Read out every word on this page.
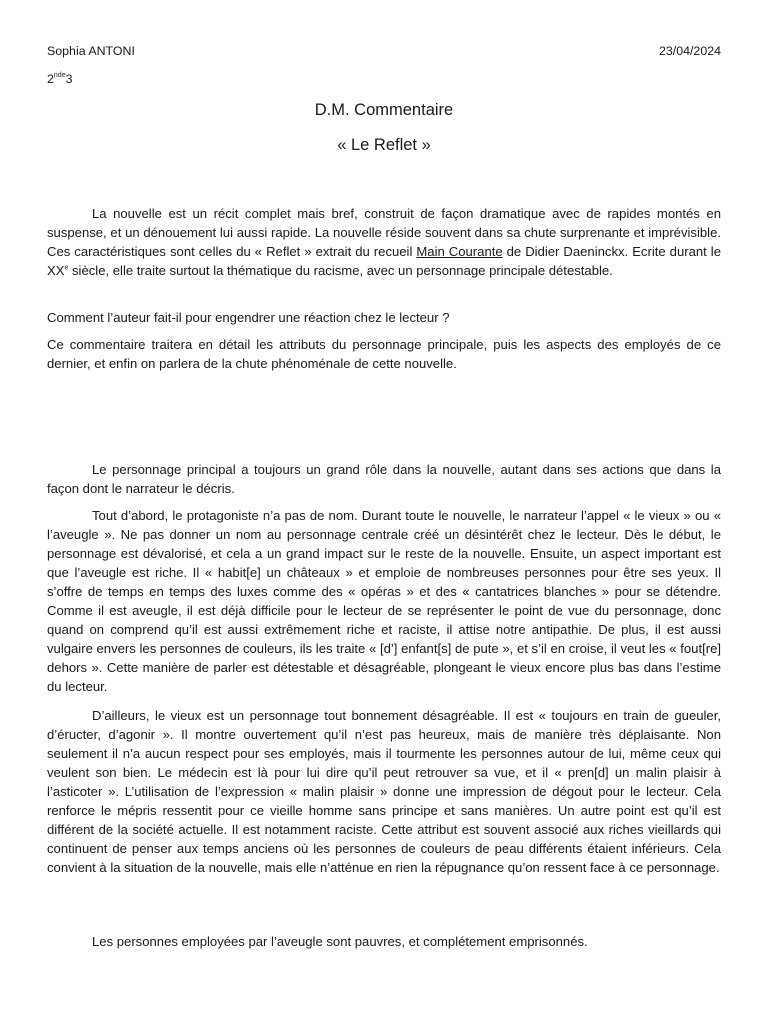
Sophia ANTONI	23/04/2024
2nde3
D.M. Commentaire
« Le Reflet »

La nouvelle est un récit complet mais bref, construit de façon dramatique avec de rapides montés en suspense, et un dénouement lui aussi rapide. La nouvelle réside souvent dans sa chute surprenante et imprévisible. Ces caractéristiques sont celles du « Reflet » extrait du recueil Main Courante de Didier Daeninckx. Ecrite durant le XXe siècle, elle traite surtout la thématique du racisme, avec un personnage principale détestable.

Comment l’auteur fait-il pour engendrer une réaction chez le lecteur ?

Ce commentaire traitera en détail les attributs du personnage principale, puis les aspects des employés de ce dernier, et enfin on parlera de la chute phénoménale de cette nouvelle.

Le personnage principal a toujours un grand rôle dans la nouvelle, autant dans ses actions que dans la façon dont le narrateur le décris.

Tout d’abord, le protagoniste n’a pas de nom. Durant toute le nouvelle, le narrateur l’appel « le vieux » ou « l’aveugle ». Ne pas donner un nom au personnage centrale créé un désintérêt chez le lecteur. Dès le début, le personnage est dévalorisé, et cela a un grand impact sur le reste de la nouvelle. Ensuite, un aspect important est que l’aveugle est riche. Il « habit[e] un châteaux » et emploie de nombreuses personnes pour être ses yeux. Il s’offre de temps en temps des luxes comme des « opéras » et des « cantatrices blanches » pour se détendre. Comme il est aveugle, il est déjà difficile pour le lecteur de se représenter le point de vue du personnage, donc quand on comprend qu’il est aussi extrêmement riche et raciste, il attise notre antipathie. De plus, il est aussi vulgaire envers les personnes de couleurs, ils les traite « [d’] enfant[s] de pute », et s’il en croise, il veut les « fout[re] dehors ». Cette manière de parler est détestable et désagréable, plongeant le vieux encore plus bas dans l’estime du lecteur.

D’ailleurs, le vieux est un personnage tout bonnement désagréable. Il est « toujours en train de gueuler, d’éructer, d’agonir ». Il montre ouvertement qu’il n’est pas heureux, mais de manière très déplaisante. Non seulement il n’a aucun respect pour ses employés, mais il tourmente les personnes autour de lui, même ceux qui veulent son bien. Le médecin est là pour lui dire qu’il peut retrouver sa vue, et il « pren[d] un malin plaisir à l’asticoter ». L’utilisation de l’expression « malin plaisir » donne une impression de dégout pour le lecteur. Cela renforce le mépris ressentit pour ce vieille homme sans principe et sans manières. Un autre point est qu’il est différent de la société actuelle. Il est notamment raciste. Cette attribut est souvent associé aux riches vieillards qui continuent de penser aux temps anciens où les personnes de couleurs de peau différents étaient inférieurs. Cela convient à la situation de la nouvelle, mais elle n’atténue en rien la répugnance qu’on ressent face à ce personnage.

Les personnes employées par l’aveugle sont pauvres, et complétement emprisonnés.
